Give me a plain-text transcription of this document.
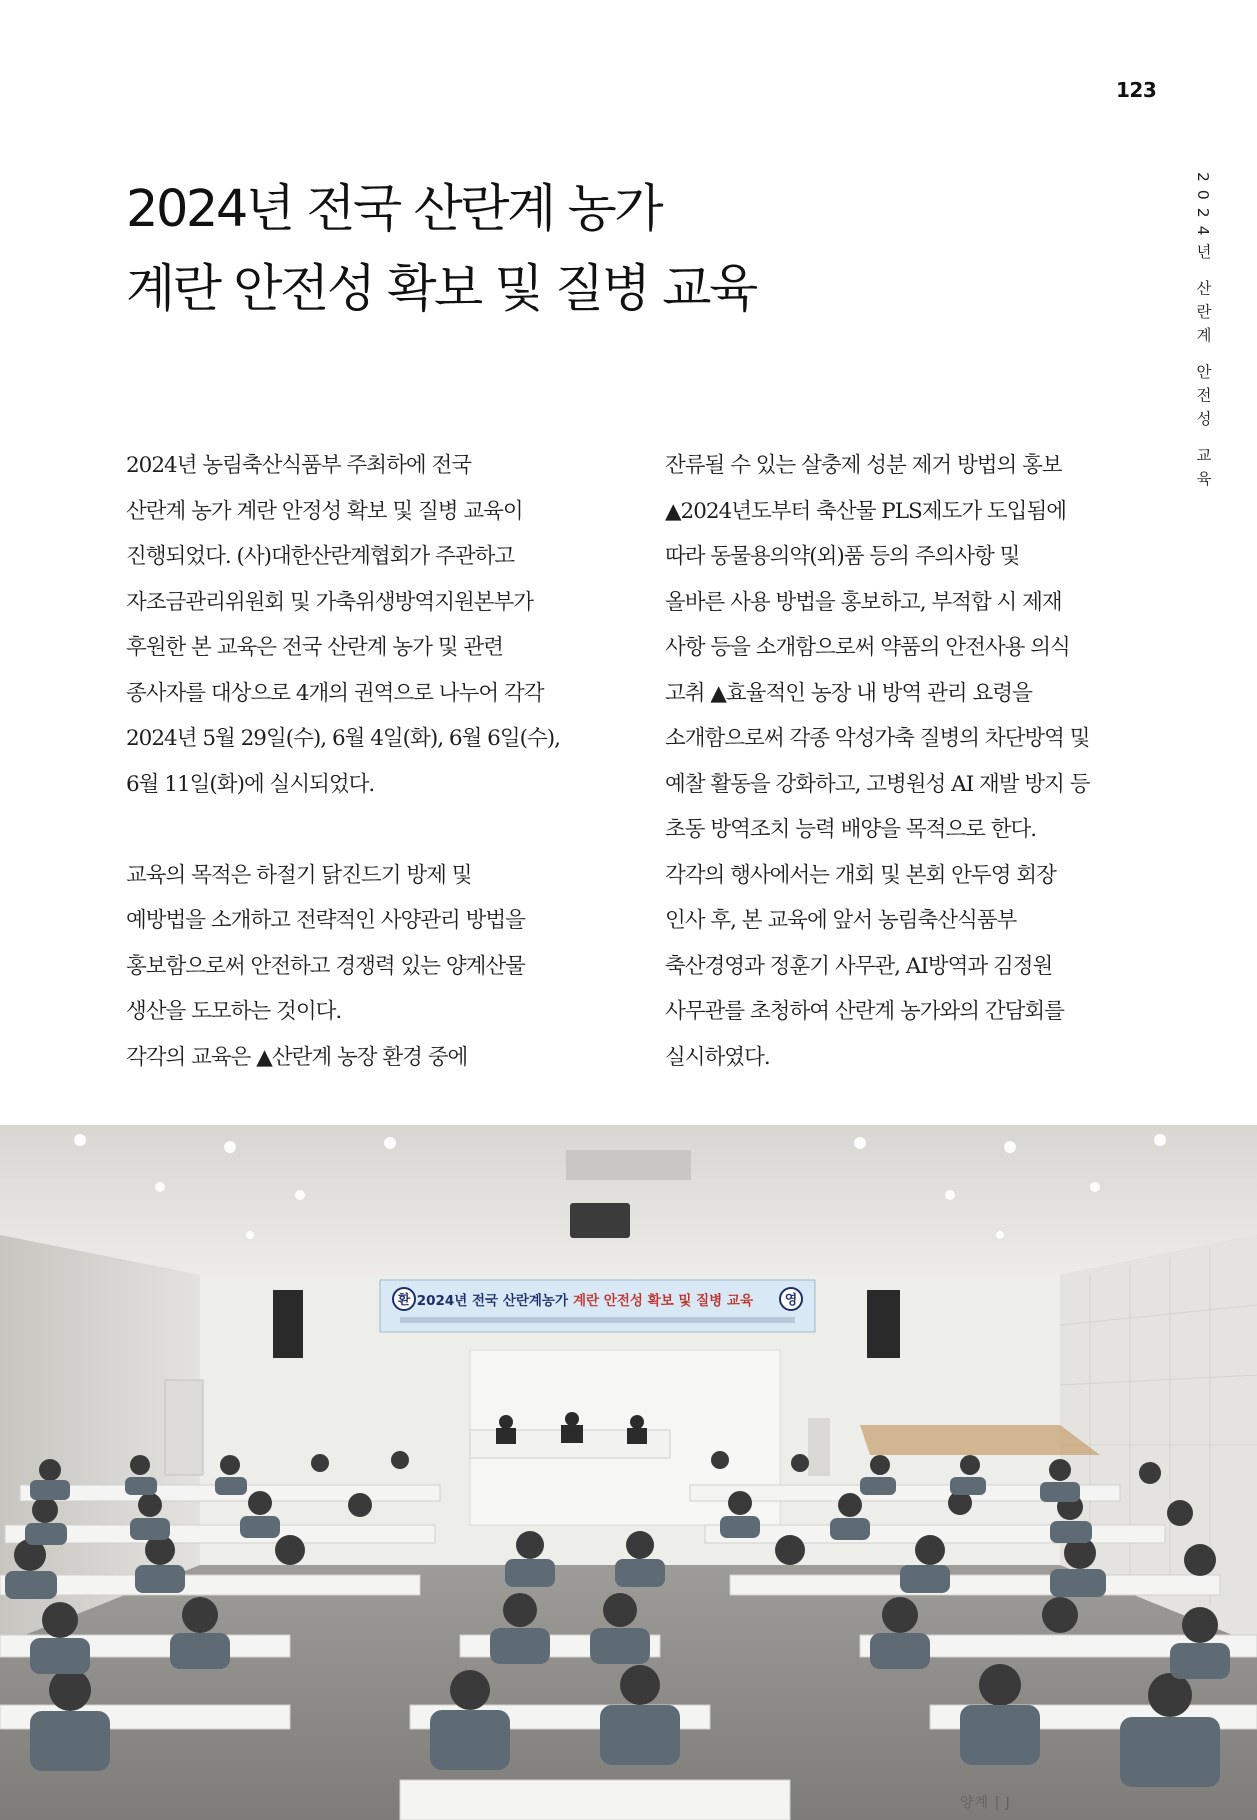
123
2024년 산란계 안전성 교육
2024년 전국 산란계 농가
계란 안전성 확보 및 질병 교육

2024년 농림축산식품부 주최하에 전국
산란계 농가 계란 안정성 확보 및 질병 교육이
진행되었다. (사)대한산란계협회가 주관하고
자조금관리위원회 및 가축위생방역지원본부가
후원한 본 교육은 전국 산란계 농가 및 관련
종사자를 대상으로 4개의 권역으로 나누어 각각
2024년 5월 29일(수), 6월 4일(화), 6월 6일(수),
6월 11일(화)에 실시되었다.

교육의 목적은 하절기 닭진드기 방제 및
예방법을 소개하고 전략적인 사양관리 방법을
홍보함으로써 안전하고 경쟁력 있는 양계산물
생산을 도모하는 것이다.
각각의 교육은 ▲산란계 농장 환경 중에

잔류될 수 있는 살충제 성분 제거 방법의 홍보
▲2024년도부터 축산물 PLS제도가 도입됨에
따라 동물용의약(외)품 등의 주의사항 및
올바른 사용 방법을 홍보하고, 부적합 시 제재
사항 등을 소개함으로써 약품의 안전사용 의식
고취 ▲효율적인 농장 내 방역 관리 요령을
소개함으로써 각종 악성가축 질병의 차단방역 및
예찰 활동을 강화하고, 고병원성 AI 재발 방지 등
초동 방역조치 능력 배양을 목적으로 한다.
각각의 행사에서는 개회 및 본회 안두영 회장
인사 후, 본 교육에 앞서 농림축산식품부
축산경영과 정훈기 사무관, AI방역과 김정원
사무관를 초청하여 산란계 농가와의 간담회를
실시하였다.

환	영
2024년 전국 산란계농가 계란 안전성 확보 및 질병 교육
양계 | J
